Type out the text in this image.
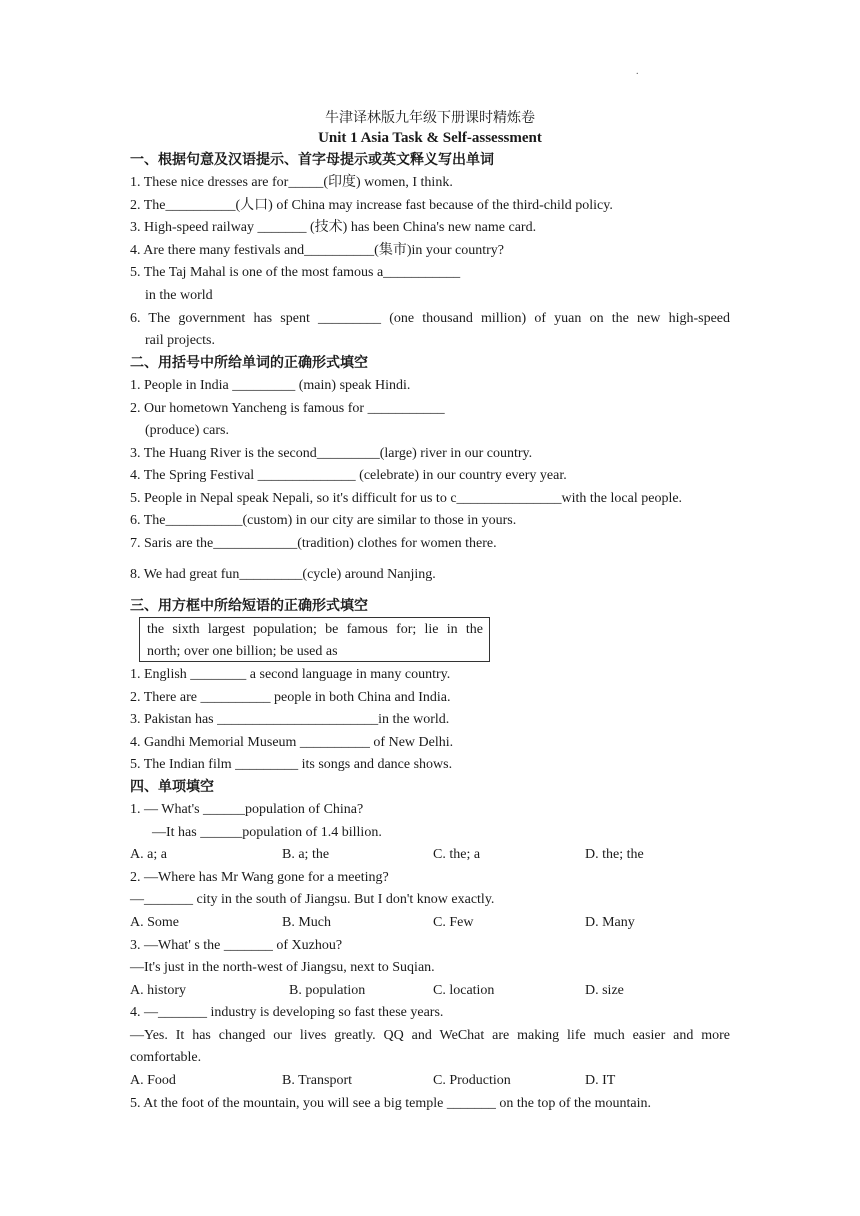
.
牛津译林版九年级下册课时精炼卷
Unit 1 Asia Task & Self-assessment
一、根据句意及汉语提示、首字母提示或英文释义写出单词
1. These nice dresses are for_____(印度) women, I think.
2. The__________(人口) of China may increase fast because of the third-child policy.
3. High-speed railway _______ (技术) has been China's new name card.
4. Are there many festivals and__________(集市)in your country?
5. The Taj Mahal is one of the most famous a___________
in the world
6. The government has spent _________ (one thousand million) of yuan on the new high-speed
rail projects.
二、用括号中所给单词的正确形式填空
1. People in India _________ (main) speak Hindi.
2. Our hometown Yancheng is famous for ___________
(produce) cars.
3. The Huang River is the second_________(large) river in our country.
4. The Spring Festival ______________ (celebrate) in our country every year.
5. People in Nepal speak Nepali, so it's difficult for us to c_______________with the local people.
6. The___________(custom) in our city are similar to those in yours.
7. Saris are the____________(tradition) clothes for women there.
8. We had great fun_________(cycle) around Nanjing.
三、用方框中所给短语的正确形式填空
the sixth largest population; be famous for; lie in the
north; over one billion; be used as
1. English ________ a second language in many country.
2. There are __________ people in both China and India.
3. Pakistan has _______________________in the world.
4. Gandhi Memorial Museum __________ of New Delhi.
5. The Indian film _________ its songs and dance shows.
四、单项填空
1. — What's ______population of China?
—It has ______population of 1.4 billion.
A. a; a	B. a; the	C. the; a	D. the; the
2. —Where has Mr Wang gone for a meeting?
—_______ city in the south of Jiangsu. But I don't know exactly.
A. Some	B. Much	C. Few	D. Many
3. —What' s the _______ of Xuzhou?
—It's just in the north-west of Jiangsu, next to Suqian.
A. history	B. population	C. location	D. size
4. —_______ industry is developing so fast these years.
—Yes. It has changed our lives greatly. QQ and WeChat are making life much easier and more
comfortable.
A. Food	B. Transport	C. Production	D. IT
5. At the foot of the mountain, you will see a big temple _______ on the top of the mountain.
